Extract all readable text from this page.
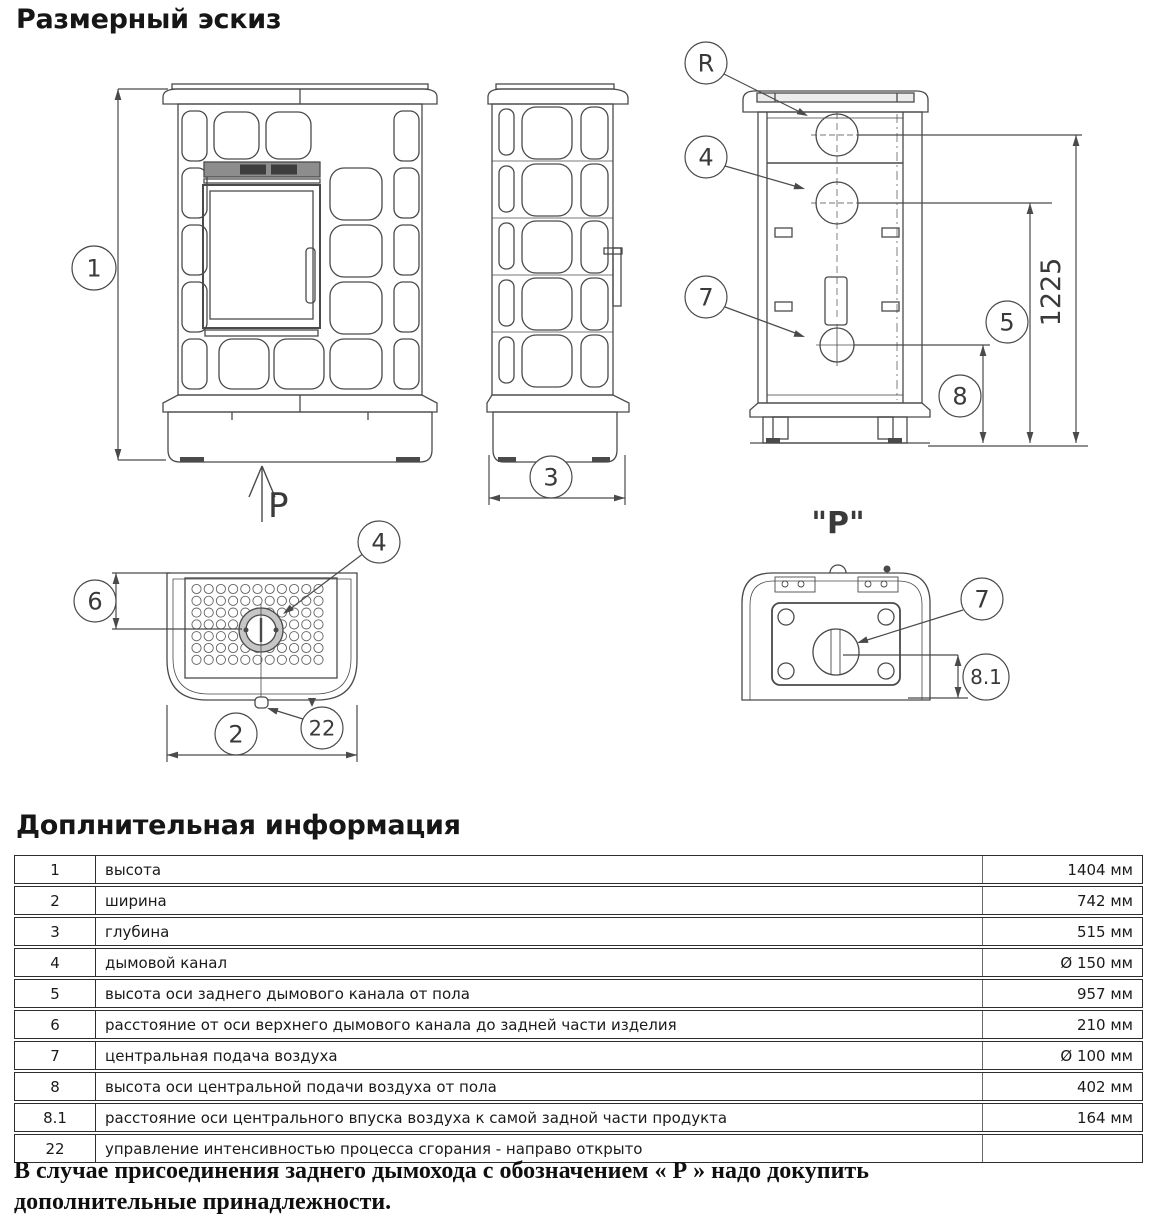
Размерный эскиз
1
Р
3
R
4
7	1225
5
8
4
6
22
2
"P"
7
8.1
Доплнительная информация
1	высота	1404 мм
2	ширина	742 мм
3	глубина	515 мм
4	дымовой канал	Ø 150 мм
5	высота оси заднего дымового канала от пола	957 мм
6	расстояние от оси верхнего дымового канала до задней части изделия	210 мм
7	центральная подача воздуха	Ø 100 мм
8	высота оси центральной подачи воздуха от пола	402 мм
8.1	расстояние оси центрального впуска воздуха к самой задной части продукта	164 мм
22	управление интенсивностью процесса сгорания - направо открыто
В случае присоединения заднего дымохода с обозначением « Р » надо докупить
дополнительные принадлежности.
